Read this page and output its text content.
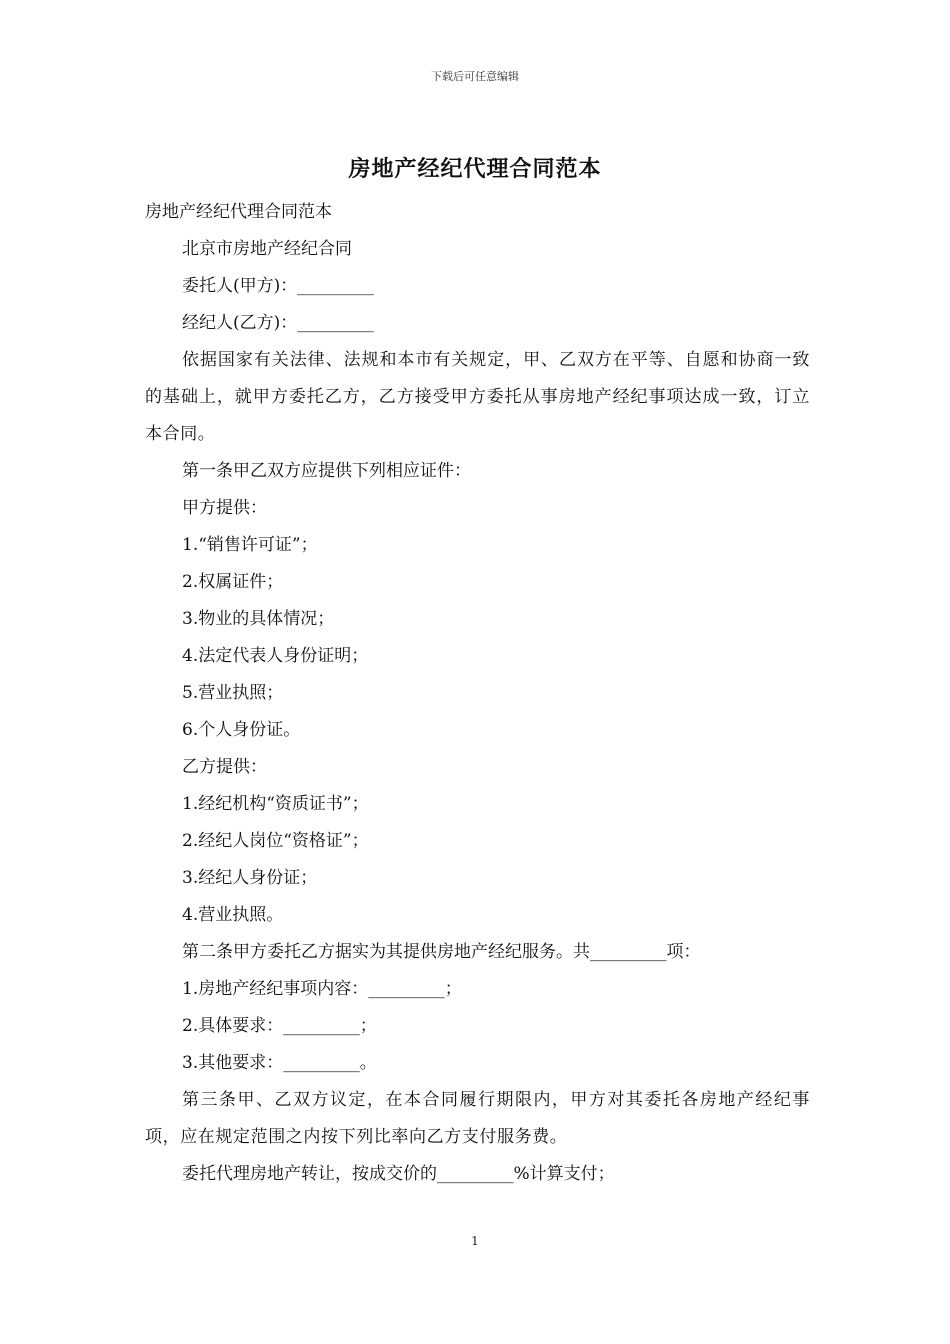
下载后可任意编辑
房地产经纪代理合同范本
房地产经纪代理合同范本
北京市房地产经纪合同
委托人(甲方)：_________
经纪人(乙方)：_________
依据国家有关法律、法规和本市有关规定，甲、乙双方在平等、自愿和协商一致的基础上，就甲方委托乙方，乙方接受甲方委托从事房地产经纪事项达成一致，订立本合同。
第一条甲乙双方应提供下列相应证件：
甲方提供：
1.“销售许可证”；
2.权属证件；
3.物业的具体情况；
4.法定代表人身份证明；
5.营业执照；
6.个人身份证。
乙方提供：
1.经纪机构“资质证书”；
2.经纪人岗位“资格证”；
3.经纪人身份证；
4.营业执照。
第二条甲方委托乙方据实为其提供房地产经纪服务。共_________项：
1.房地产经纪事项内容：_________；
2.具体要求：_________；
3.其他要求：_________。
第三条甲、乙双方议定，在本合同履行期限内，甲方对其委托各房地产经纪事项，应在规定范围之内按下列比率向乙方支付服务费。
委托代理房地产转让，按成交价的_________%计算支付；
1
